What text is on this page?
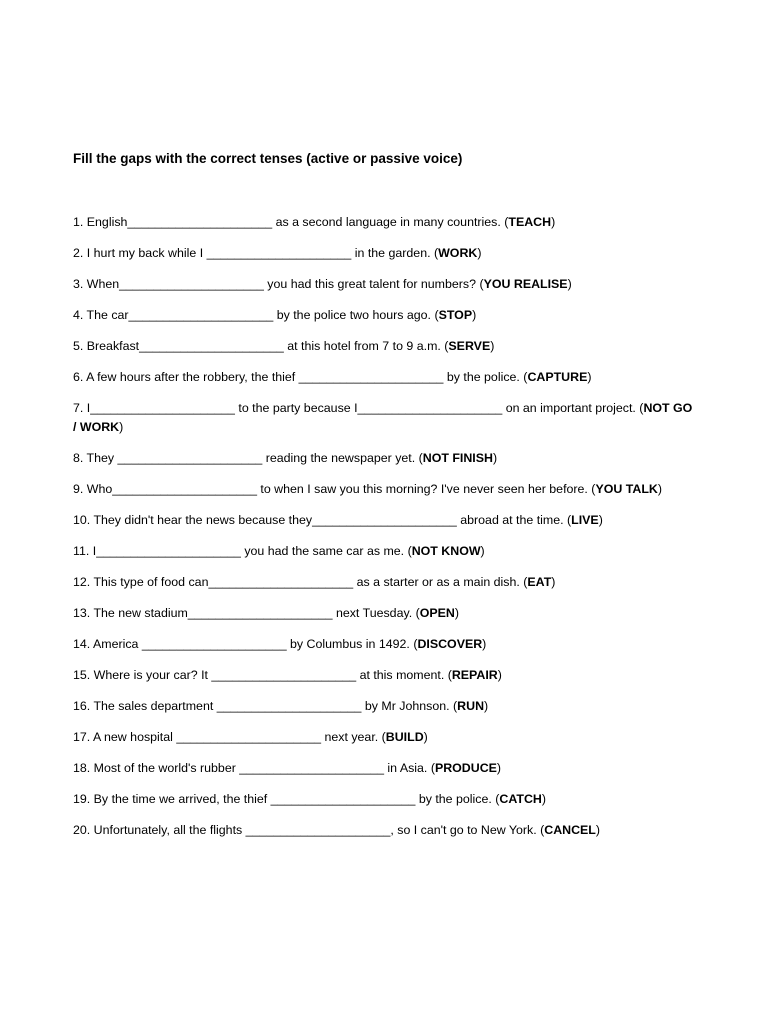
Fill the gaps with the correct tenses (active or passive voice)
1. English_____________________ as a second language in many countries. (TEACH)
2. I hurt my back while I _____________________ in the garden. (WORK)
3. When_____________________ you had this great talent for numbers? (YOU REALISE)
4. The car_____________________ by the police two hours ago. (STOP)
5. Breakfast_____________________ at this hotel from 7 to 9 a.m. (SERVE)
6. A few hours after the robbery, the thief _____________________ by the police. (CAPTURE)
7. I_____________________ to the party because I_____________________ on an important project. (NOT GO / WORK)
8. They _____________________ reading the newspaper yet. (NOT FINISH)
9. Who_____________________ to when I saw you this morning? I've never seen her before. (YOU TALK)
10. They didn't hear the news because they_____________________ abroad at the time. (LIVE)
11. I_____________________ you had the same car as me. (NOT KNOW)
12. This type of food can_____________________ as a starter or as a main dish. (EAT)
13. The new stadium_____________________ next Tuesday. (OPEN)
14. America _____________________ by Columbus in 1492. (DISCOVER)
15. Where is your car? It _____________________ at this moment. (REPAIR)
16. The sales department _____________________ by Mr Johnson. (RUN)
17. A new hospital _____________________ next year. (BUILD)
18. Most of the world's rubber _____________________ in Asia. (PRODUCE)
19. By the time we arrived, the thief _____________________ by the police. (CATCH)
20. Unfortunately, all the flights _____________________, so I can't go to New York. (CANCEL)
